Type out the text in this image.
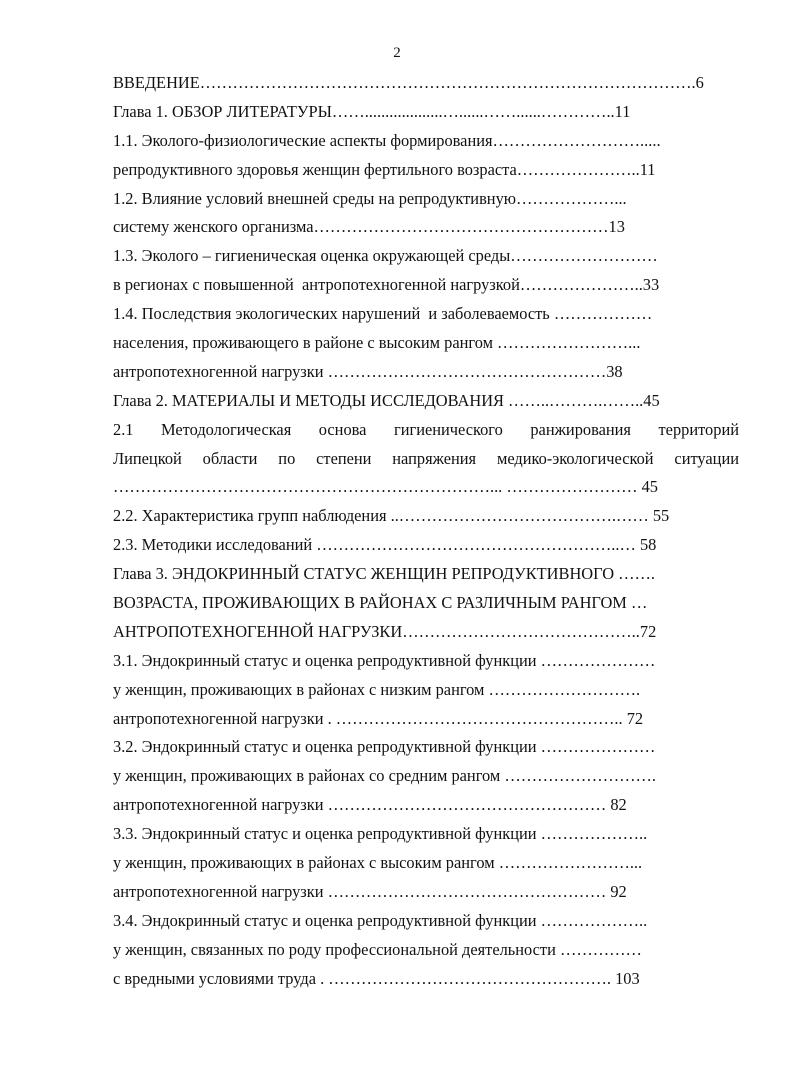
2
ВВЕДЕНИЕ……………………………………………………………………………….6
Глава 1. ОБЗОР ЛИТЕРАТУРЫ……...................…......……......…………..11
1.1. Эколого-физиологические аспекты формирования……………………….....
репродуктивного здоровья женщин фертильного возраста…………………..11
1.2. Влияние условий внешней среды на репродуктивную………………...
систему женского организма………………………………………………13
1.3. Эколого – гигиеническая оценка окружающей среды………………………
в регионах с повышенной  антропотехногенной нагрузкой…………………..33
1.4. Последствия экологических нарушений  и заболеваемость ………………
населения, проживающего в районе с высоким рангом ……………………...
антропотехногенной нагрузки ……………………………………………38
Глава 2. МАТЕРИАЛЫ И МЕТОДЫ ИССЛЕДОВАНИЯ ……..……….……..45
2.1 Методологическая основа гигиенического ранжирования территорий
Липецкой области по степени напряжения медико-экологической ситуации
……………………………………………………………... …………………… 45
2.2. Характеристика групп наблюдения ..………………………………….…… 55
2.3. Методики исследований ………………………………………………..… 58
Глава 3. ЭНДОКРИННЫЙ СТАТУС ЖЕНЩИН РЕПРОДУКТИВНОГО …….
ВОЗРАСТА, ПРОЖИВАЮЩИХ В РАЙОНАХ С РАЗЛИЧНЫМ РАНГОМ …
АНТРОПОТЕХНОГЕННОЙ НАГРУЗКИ……………………………………..72
3.1. Эндокринный статус и оценка репродуктивной функции …………………
у женщин, проживающих в районах с низким рангом ……………………….
антропотехногенной нагрузки . …………………………………………….. 72
3.2. Эндокринный статус и оценка репродуктивной функции …………………
у женщин, проживающих в районах со средним рангом ……………………….
антропотехногенной нагрузки …………………………………………… 82
3.3. Эндокринный статус и оценка репродуктивной функции ………………..
у женщин, проживающих в районах с высоким рангом ……………………...
антропотехногенной нагрузки …………………………………………… 92
3.4. Эндокринный статус и оценка репродуктивной функции ………………..
у женщин, связанных по роду профессиональной деятельности ……………
с вредными условиями труда . ……………………………………………. 103
